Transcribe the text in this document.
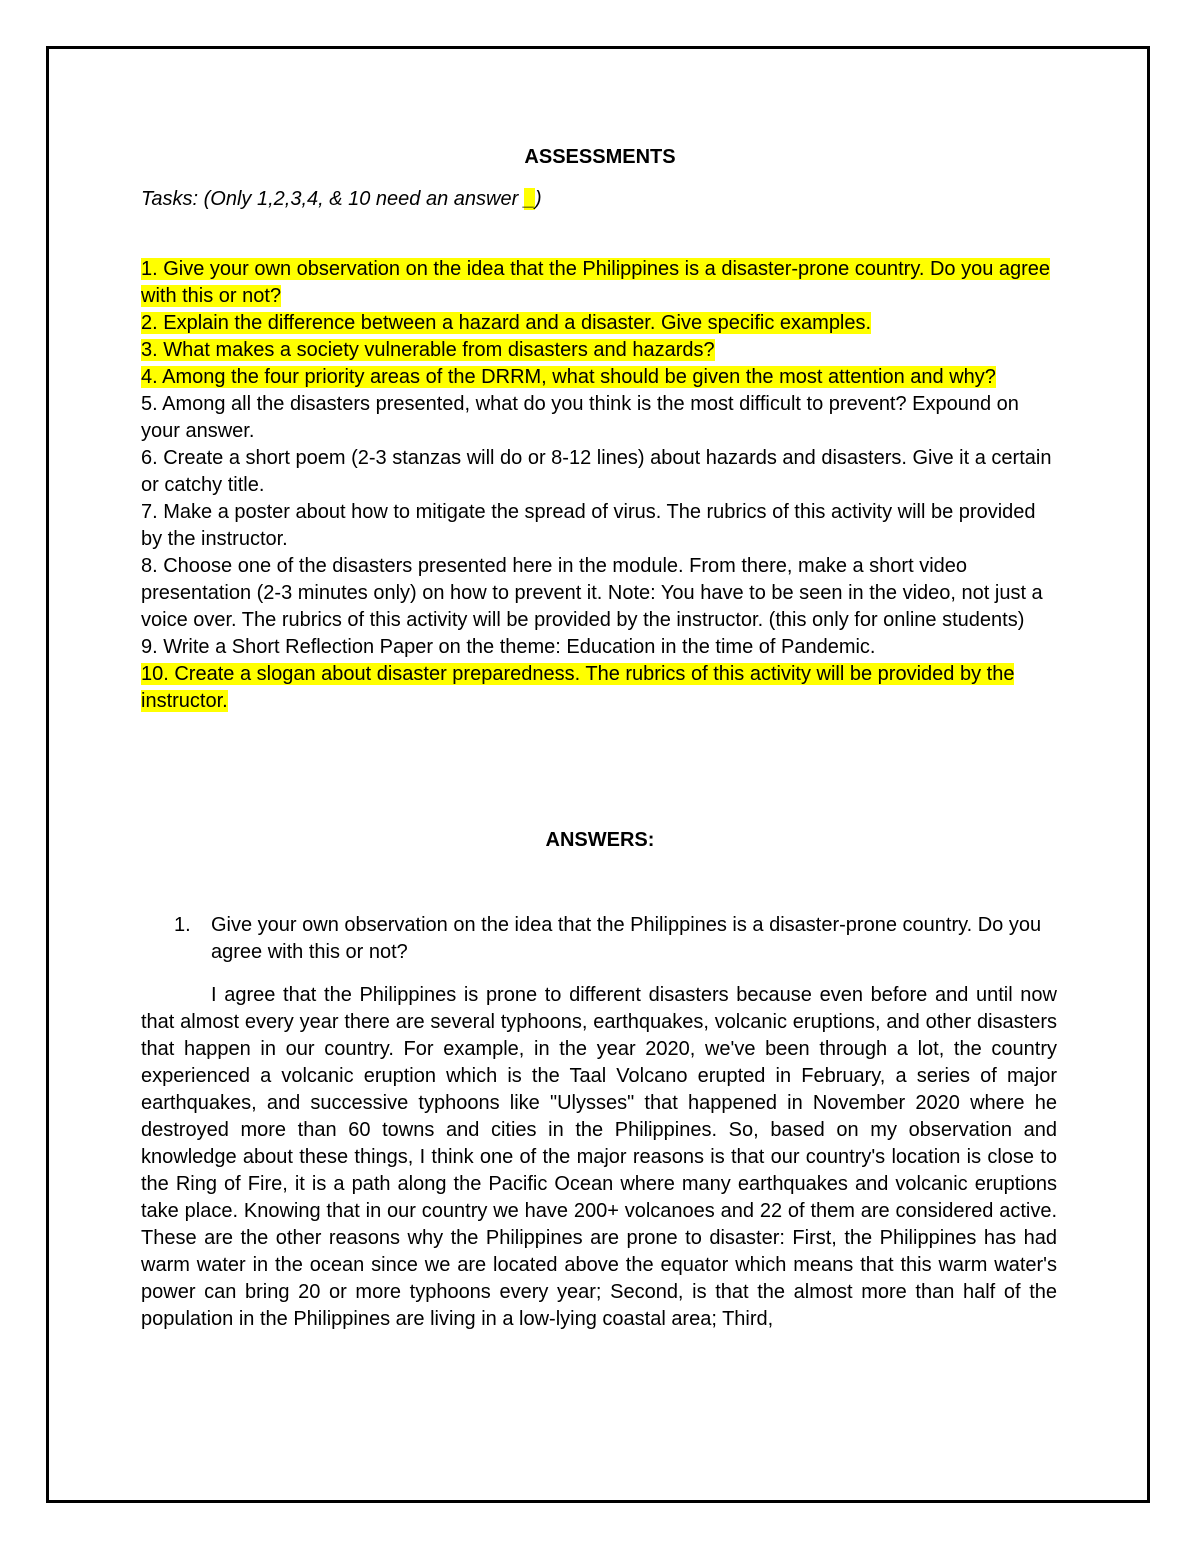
ASSESSMENTS
Tasks: (Only 1,2,3,4, & 10 need an answer _)
1. Give your own observation on the idea that the Philippines is a disaster-prone country. Do you agree with this or not?
2. Explain the difference between a hazard and a disaster. Give specific examples.
3. What makes a society vulnerable from disasters and hazards?
4. Among the four priority areas of the DRRM, what should be given the most attention and why?
5. Among all the disasters presented, what do you think is the most difficult to prevent? Expound on your answer.
6. Create a short poem (2-3 stanzas will do or 8-12 lines) about hazards and disasters. Give it a certain or catchy title.
7. Make a poster about how to mitigate the spread of virus. The rubrics of this activity will be provided by the instructor.
8. Choose one of the disasters presented here in the module. From there, make a short video presentation (2-3 minutes only) on how to prevent it. Note: You have to be seen in the video, not just a voice over. The rubrics of this activity will be provided by the instructor. (this only for online students)
9. Write a Short Reflection Paper on the theme: Education in the time of Pandemic.
10. Create a slogan about disaster preparedness. The rubrics of this activity will be provided by the instructor.
ANSWERS:
1.	Give your own observation on the idea that the Philippines is a disaster-prone country. Do you agree with this or not?
I agree that the Philippines is prone to different disasters because even before and until now that almost every year there are several typhoons, earthquakes, volcanic eruptions, and other disasters that happen in our country. For example, in the year 2020, we've been through a lot, the country experienced a volcanic eruption which is the Taal Volcano erupted in February, a series of major earthquakes, and successive typhoons like "Ulysses" that happened in November 2020 where he destroyed more than 60 towns and cities in the Philippines. So, based on my observation and knowledge about these things, I think one of the major reasons is that our country's location is close to the Ring of Fire, it is a path along the Pacific Ocean where many earthquakes and volcanic eruptions take place. Knowing that in our country we have 200+ volcanoes and 22 of them are considered active. These are the other reasons why the Philippines are prone to disaster: First, the Philippines has had warm water in the ocean since we are located above the equator which means that this warm water's power can bring 20 or more typhoons every year; Second, is that the almost more than half of the population in the Philippines are living in a low-lying coastal area; Third,
